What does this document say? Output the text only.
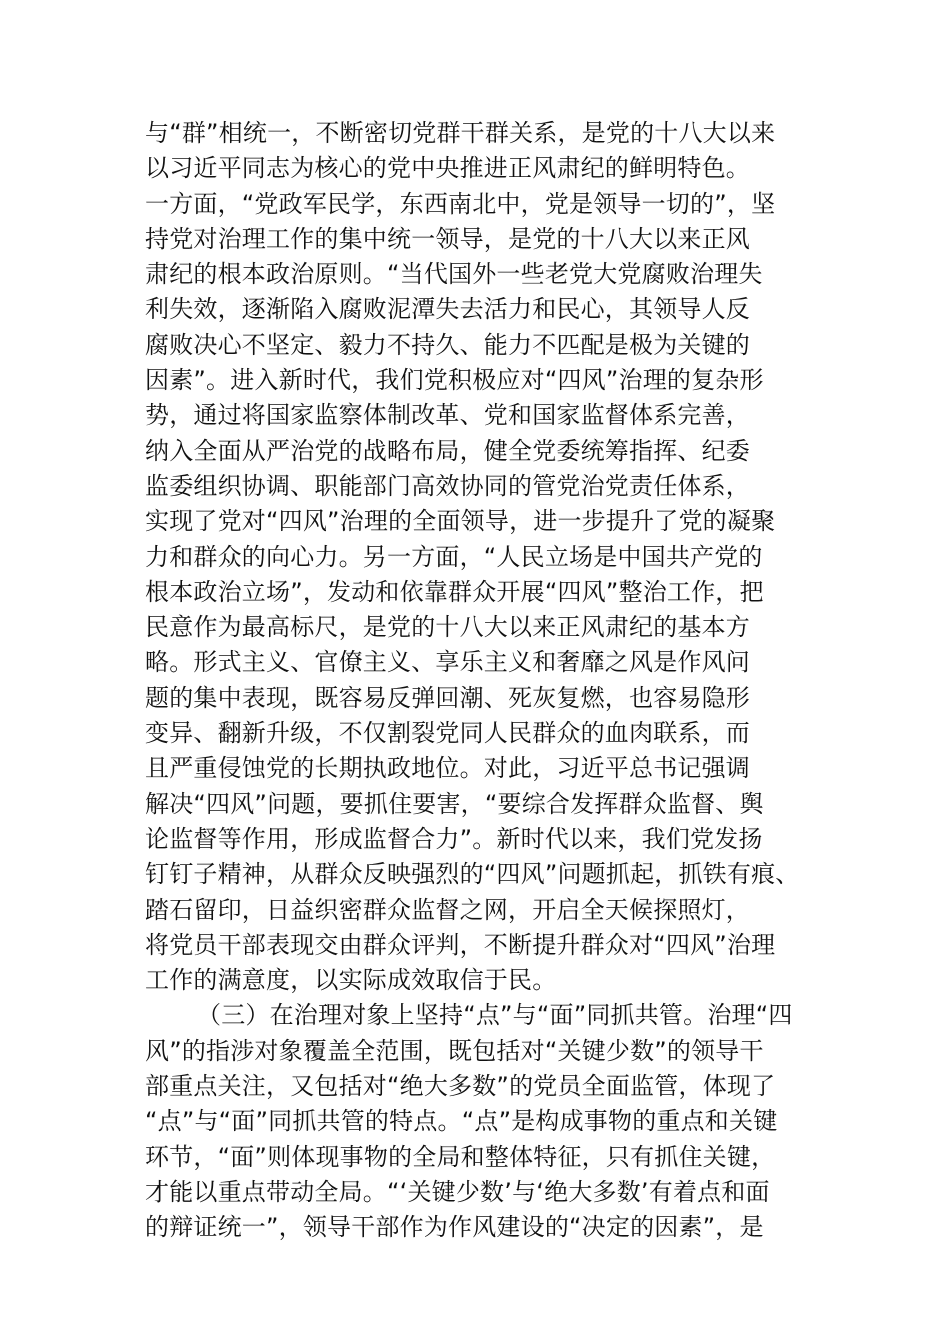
与“群”相统一，不断密切党群干群关系，是党的十八大以来
以习近平同志为核心的党中央推进正风肃纪的鲜明特色。
一方面，“党政军民学，东西南北中，党是领导一切的”，坚
持党对治理工作的集中统一领导，是党的十八大以来正风
肃纪的根本政治原则。“当代国外一些老党大党腐败治理失
利失效，逐渐陷入腐败泥潭失去活力和民心，其领导人反
腐败决心不坚定、毅力不持久、能力不匹配是极为关键的
因素”。进入新时代，我们党积极应对“四风”治理的复杂形
势，通过将国家监察体制改革、党和国家监督体系完善，
纳入全面从严治党的战略布局，健全党委统筹指挥、纪委
监委组织协调、职能部门高效协同的管党治党责任体系，
实现了党对“四风”治理的全面领导，进一步提升了党的凝聚
力和群众的向心力。另一方面，“人民立场是中国共产党的
根本政治立场”，发动和依靠群众开展“四风”整治工作，把
民意作为最高标尺，是党的十八大以来正风肃纪的基本方
略。形式主义、官僚主义、享乐主义和奢靡之风是作风问
题的集中表现，既容易反弹回潮、死灰复燃，也容易隐形
变异、翻新升级，不仅割裂党同人民群众的血肉联系，而
且严重侵蚀党的长期执政地位。对此，习近平总书记强调
解决“四风”问题，要抓住要害，“要综合发挥群众监督、舆
论监督等作用，形成监督合力”。新时代以来，我们党发扬
钉钉子精神，从群众反映强烈的“四风”问题抓起，抓铁有痕、
踏石留印，日益织密群众监督之网，开启全天候探照灯，
将党员干部表现交由群众评判，不断提升群众对“四风”治理
工作的满意度，以实际成效取信于民。
（三）在治理对象上坚持“点”与“面”同抓共管。治理“四
风”的指涉对象覆盖全范围，既包括对“关键少数”的领导干
部重点关注，又包括对“绝大多数”的党员全面监管，体现了
“点”与“面”同抓共管的特点。“点”是构成事物的重点和关键
环节，“面”则体现事物的全局和整体特征，只有抓住关键，
才能以重点带动全局。“‘关键少数’与‘绝大多数’有着点和面
的辩证统一”，领导干部作为作风建设的“决定的因素”，是
